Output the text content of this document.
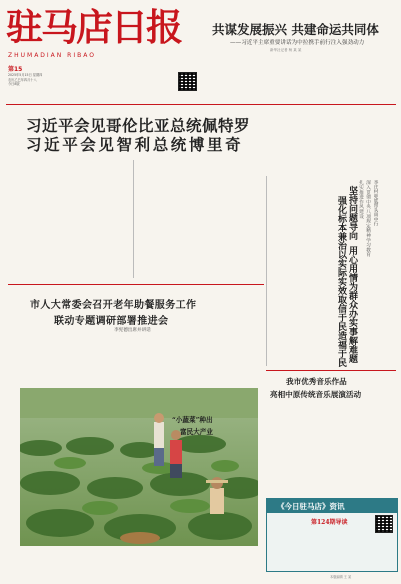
驻马店日报
ZHUMADIAN RIBAO
第15
2025年5月15日 星期四
农历乙巳年四月十八
今日8版
共谋发展振兴 共建命运共同体
——习近平主席重要讲话为中拉携手前行注入强劲动力
新华社记者 杨 某 某
习近平会见哥伦比亚总统佩特罗
习近平会见智利总统博里奇
李庄村兜底带头雨中行
深入贯彻中央八项规定精神学习教育
扎实推进作风建设
坚持问题导向
用心用情为群众办实事解难题
强化标本兼治
以实际实效取信于民造福于民
市人大常委会召开老年助餐服务工作
联动专题调研部署推进会
李宪德出席并讲话
“小蔬菜”种出
富民大产业
我市优秀音乐作品
亮相中原传统音乐展演活动
《今日驻马店》资讯
第124期导读
本版编辑 王 某
